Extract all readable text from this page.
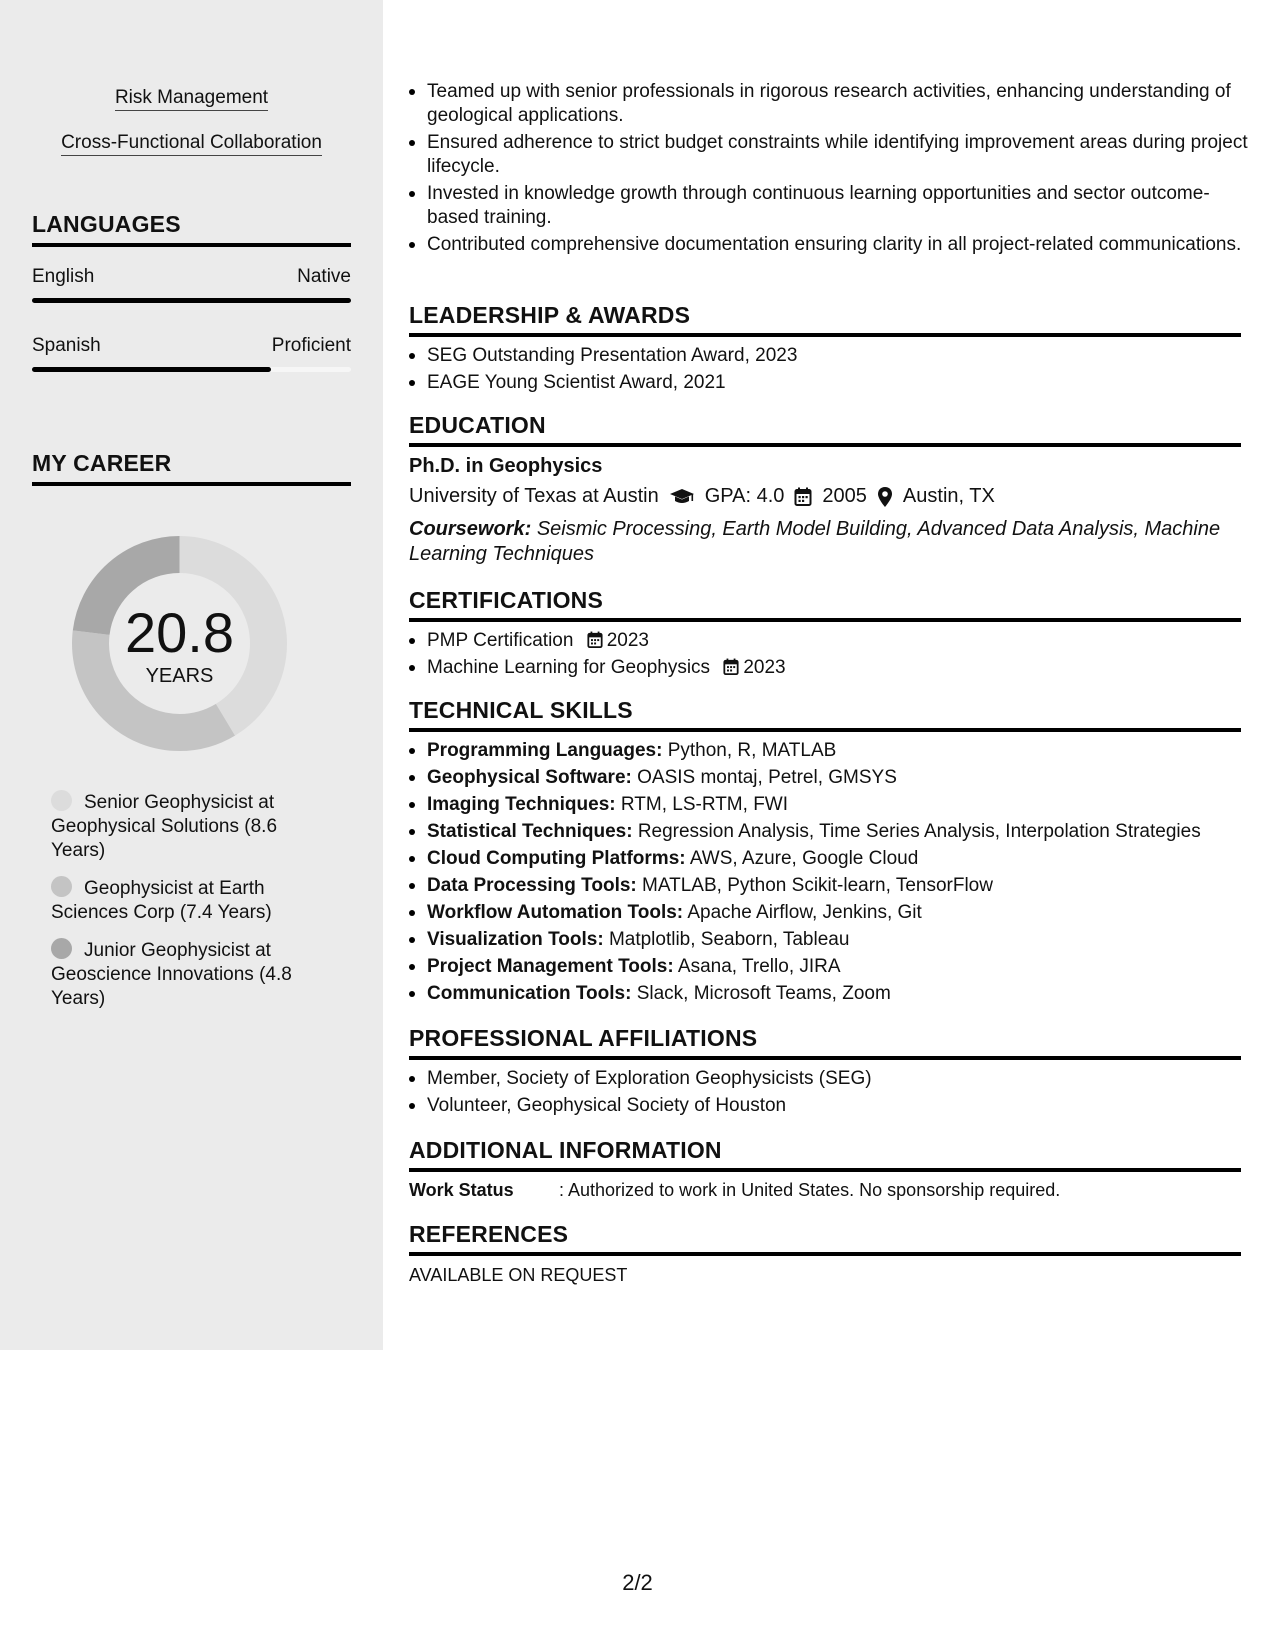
Risk Management
Cross-Functional Collaboration
LANGUAGES
English	Native
Spanish	Proficient
MY CAREER
20.8
YEARS
Senior Geophysicist at Geophysical Solutions (8.6 Years)
Geophysicist at Earth Sciences Corp (7.4 Years)
Junior Geophysicist at Geoscience Innovations (4.8 Years)
Teamed up with senior professionals in rigorous research activities, enhancing understanding of geological applications.
Ensured adherence to strict budget constraints while identifying improvement areas during project lifecycle.
Invested in knowledge growth through continuous learning opportunities and sector outcome-based training.
Contributed comprehensive documentation ensuring clarity in all project-related communications.
LEADERSHIP & AWARDS
SEG Outstanding Presentation Award, 2023
EAGE Young Scientist Award, 2021
EDUCATION
Ph.D. in Geophysics
University of Texas at Austin GPA: 4.0 2005 Austin, TX
Coursework: Seismic Processing, Earth Model Building, Advanced Data Analysis, Machine Learning Techniques
CERTIFICATIONS
PMP Certification 2023
Machine Learning for Geophysics 2023
TECHNICAL SKILLS
Programming Languages: Python, R, MATLAB
Geophysical Software: OASIS montaj, Petrel, GMSYS
Imaging Techniques: RTM, LS-RTM, FWI
Statistical Techniques: Regression Analysis, Time Series Analysis, Interpolation Strategies
Cloud Computing Platforms: AWS, Azure, Google Cloud
Data Processing Tools: MATLAB, Python Scikit-learn, TensorFlow
Workflow Automation Tools: Apache Airflow, Jenkins, Git
Visualization Tools: Matplotlib, Seaborn, Tableau
Project Management Tools: Asana, Trello, JIRA
Communication Tools: Slack, Microsoft Teams, Zoom
PROFESSIONAL AFFILIATIONS
Member, Society of Exploration Geophysicists (SEG)
Volunteer, Geophysical Society of Houston
ADDITIONAL INFORMATION
Work Status	: Authorized to work in United States. No sponsorship required.
REFERENCES
AVAILABLE ON REQUEST
2/2
